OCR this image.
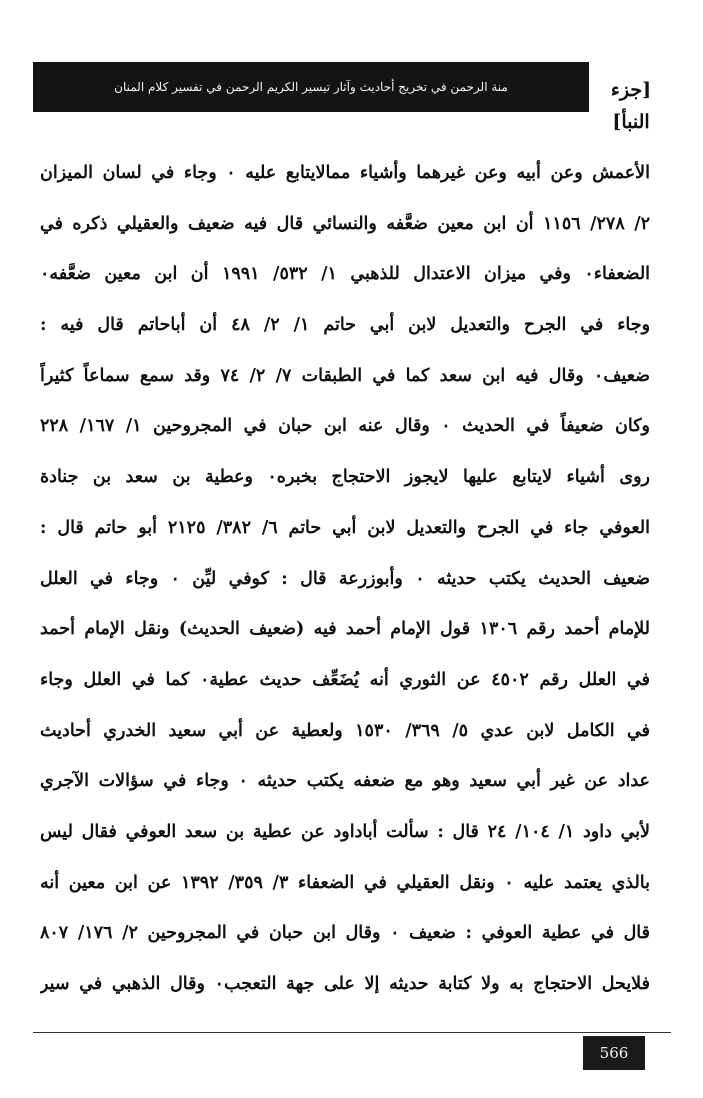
[جزء النبأ]
منة الرحمن في تخريج أحاديث وآثار تيسير الكريم الرحمن في تفسير كلام المنان
الأعمش وعن أبيه وعن غيرهما وأشياء ممالايتابع عليه ٠ وجاء في لسان الميزان
٢/ ٢٧٨/ ١١٥٦ أن ابن معين ضعَّفه والنسائي قال فيه ضعيف والعقيلي ذكره في
الضعفاء٠ وفي ميزان الاعتدال للذهبي ١/ ٥٣٢/ ١٩٩١ أن ابن معين ضعَّفه٠
وجاء في الجرح والتعديل لابن أبي حاتم ١/ ٢/ ٤٨ أن أباحاتم قال فيه :
ضعيف٠ وقال فيه ابن سعد كما في الطبقات ٧/ ٢/ ٧٤ وقد سمع سماعاً كثيراً
وكان ضعيفاً في الحديث ٠ وقال عنه ابن حبان في المجروحين ١/ ١٦٧/ ٢٢٨
روى أشياء لايتابع عليها لايجوز الاحتجاج بخبره٠ وعطية بن سعد بن جنادة
العوفي جاء في الجرح والتعديل لابن أبي حاتم ٦/ ٣٨٢/ ٢١٢٥ أبو حاتم قال :
ضعيف الحديث يكتب حديثه ٠ وأبوزرعة قال : كوفي ليِّن ٠ وجاء في العلل
للإمام أحمد رقم ١٣٠٦ قول الإمام أحمد فيه (ضعيف الحديث) ونقل الإمام أحمد
في العلل رقم ٤٥٠٢ عن الثوري أنه يُضَعِّف حديث عطية٠ كما في العلل وجاء
في الكامل لابن عدي ٥/ ٣٦٩/ ١٥٣٠ ولعطية عن أبي سعيد الخدري أحاديث
عداد عن غير أبي سعيد وهو مع ضعفه يكتب حديثه ٠ وجاء في سؤالات الآجري
لأبي داود ١/ ١٠٤/ ٢٤ قال : سألت أباداود عن عطية بن سعد العوفي فقال ليس
بالذي يعتمد عليه ٠ ونقل العقيلي في الضعفاء ٣/ ٣٥٩/ ١٣٩٢ عن ابن معين أنه
قال في عطية العوفي : ضعيف ٠ وقال ابن حبان في المجروحين ٢/ ١٧٦/ ٨٠٧
فلايحل الاحتجاج به ولا كتابة حديثه إلا على جهة التعجب٠ وقال الذهبي في سير
566
